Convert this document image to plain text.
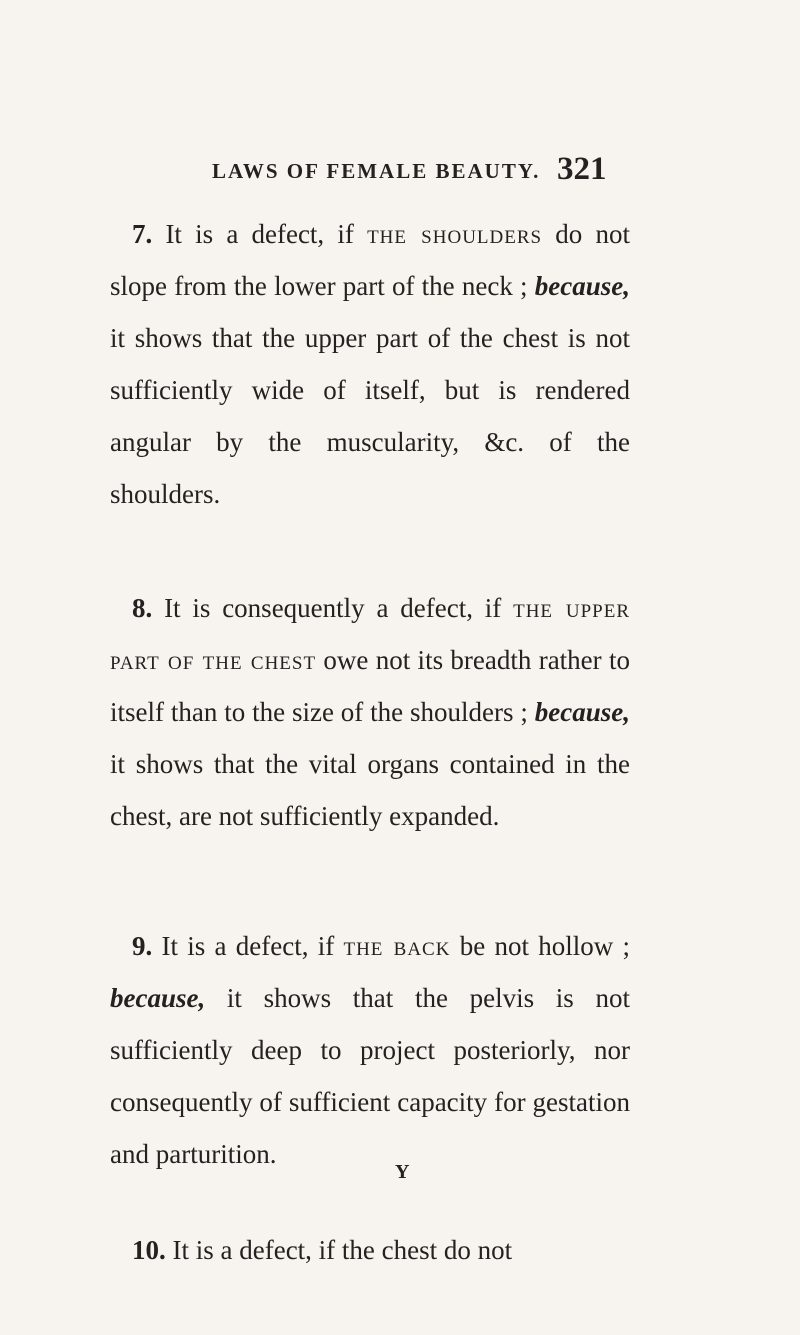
LAWS OF FEMALE BEAUTY. 321

7. It is a defect, if the shoulders do not slope from the lower part of the neck ; because, it shows that the upper part of the chest is not sufficiently wide of itself, but is rendered angular by the muscularity, &c. of the shoulders.

8. It is consequently a defect, if the upper part of the chest owe not its breadth rather to itself than to the size of the shoulders ; because, it shows that the vital organs contained in the chest, are not sufficiently expanded.

9. It is a defect, if the back be not hollow ; because, it shows that the pelvis is not sufficiently deep to project posteriorly, nor consequently of sufficient capacity for gestation and parturition.

10. It is a defect, if the chest do not

Y
